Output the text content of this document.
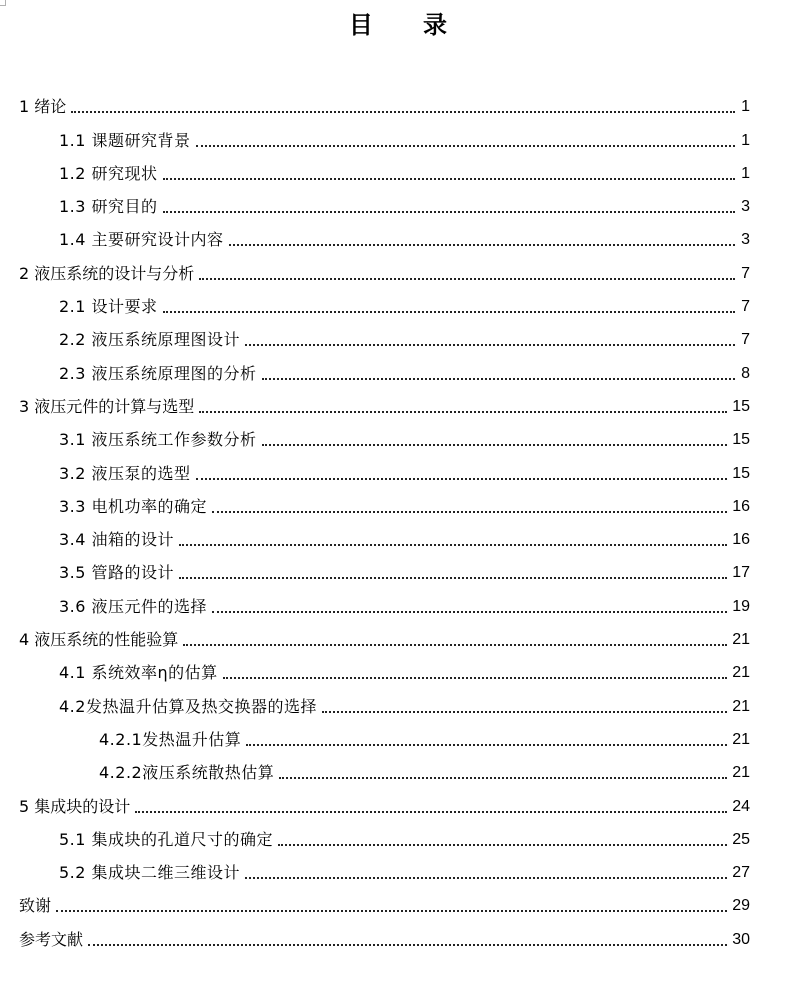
目      录
1 绪论	1
1.1 课题研究背景	1
1.2 研究现状	1
1.3 研究目的	3
1.4 主要研究设计内容	3
2 液压系统的设计与分析	7
2.1 设计要求	7
2.2 液压系统原理图设计	7
2.3 液压系统原理图的分析	8
3 液压元件的计算与选型	15
3.1 液压系统工作参数分析	15
3.2 液压泵的选型	15
3.3 电机功率的确定	16
3.4 油箱的设计	16
3.5 管路的设计	17
3.6 液压元件的选择	19
4 液压系统的性能验算	21
4.1 系统效率η的估算	21
4.2发热温升估算及热交换器的选择	21
4.2.1发热温升估算	21
4.2.2液压系统散热估算	21
5 集成块的设计	24
5.1 集成块的孔道尺寸的确定	25
5.2 集成块二维三维设计	27
致谢	29
参考文献	30
